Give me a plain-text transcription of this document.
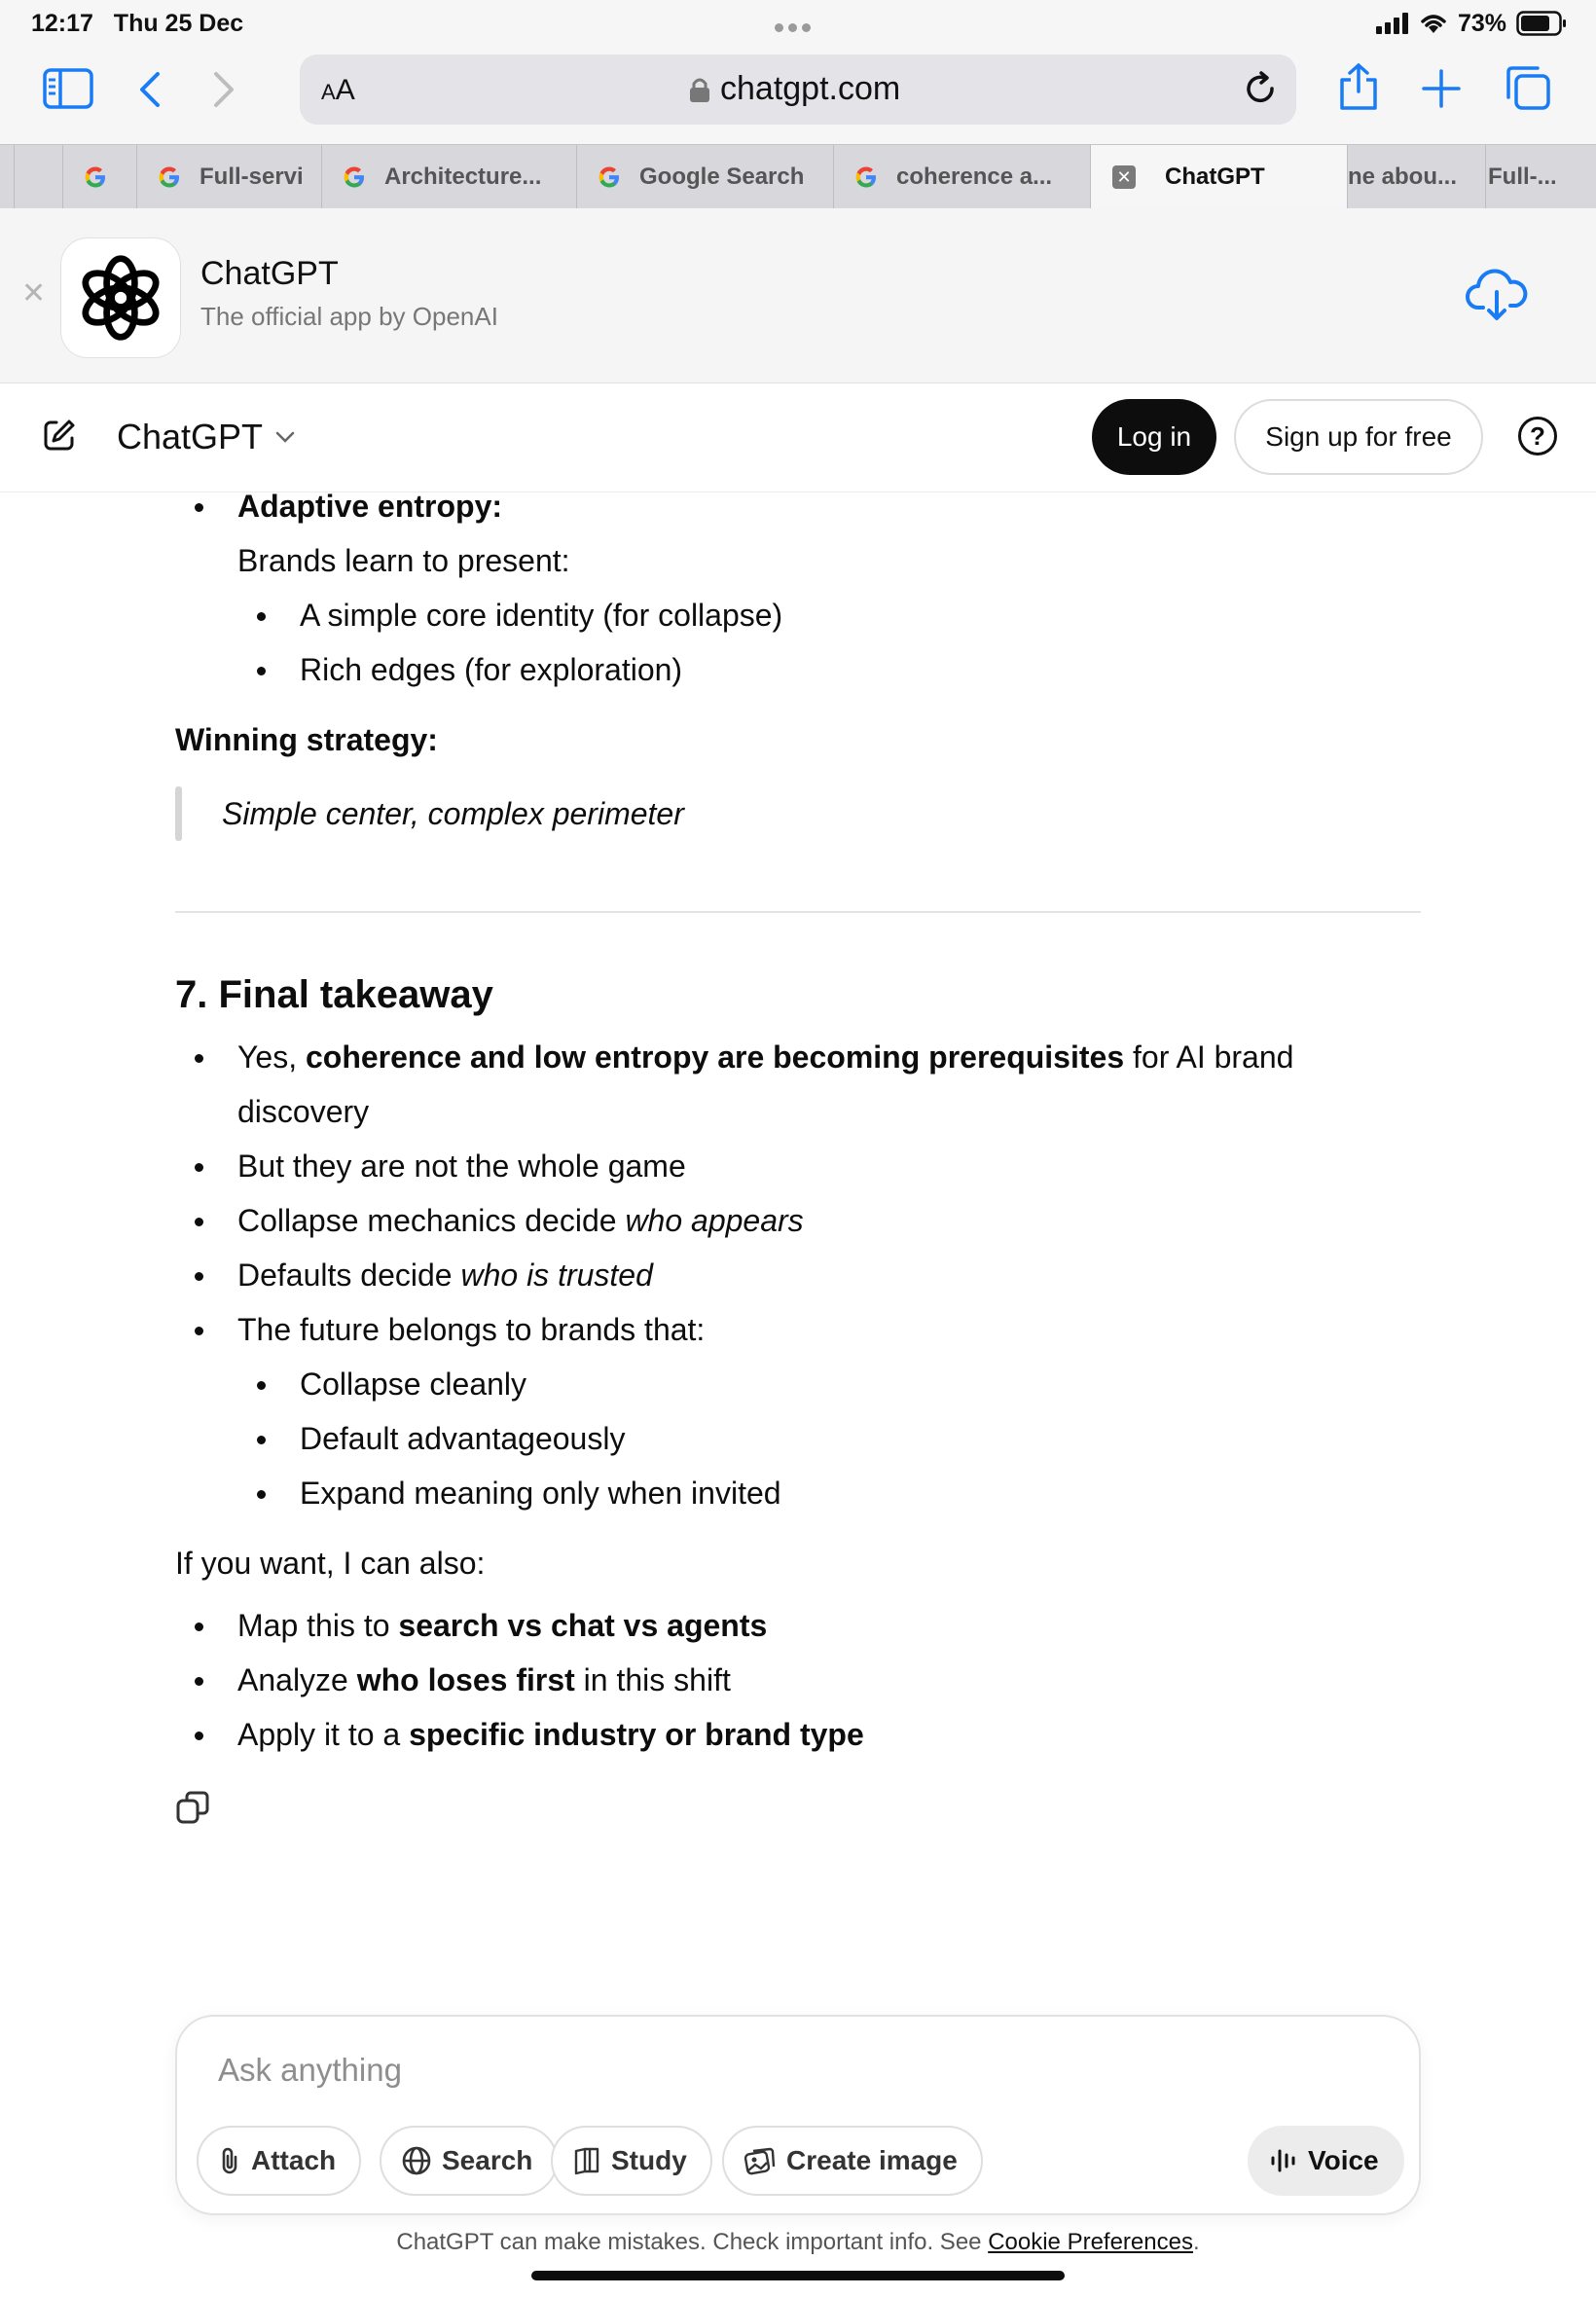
12:17 Thu 25 Dec	73%
AA	chatgpt.com
Full-servi	Architecture...	Google Search	coherence a...	✕ ChatGPT	ne abou... Full-...
✕
ChatGPT
The official app by OpenAI
ChatGPT	Log in	Sign up for free	?
Adaptive entropy:
Brands learn to present:
A simple core identity (for collapse)
Rich edges (for exploration)
Winning strategy:
Simple center, complex perimeter
7. Final takeaway
Yes, coherence and low entropy are becoming prerequisites for AI brand
discovery
But they are not the whole game
Collapse mechanics decide who appears
Defaults decide who is trusted
The future belongs to brands that:
Collapse cleanly
Default advantageously
Expand meaning only when invited
If you want, I can also:
Map this to search vs chat vs agents
Analyze who loses first in this shift
Apply it to a specific industry or brand type
Ask anything
Attach	Search	Study	Create image	Voice
ChatGPT can make mistakes. Check important info. See Cookie Preferences.
